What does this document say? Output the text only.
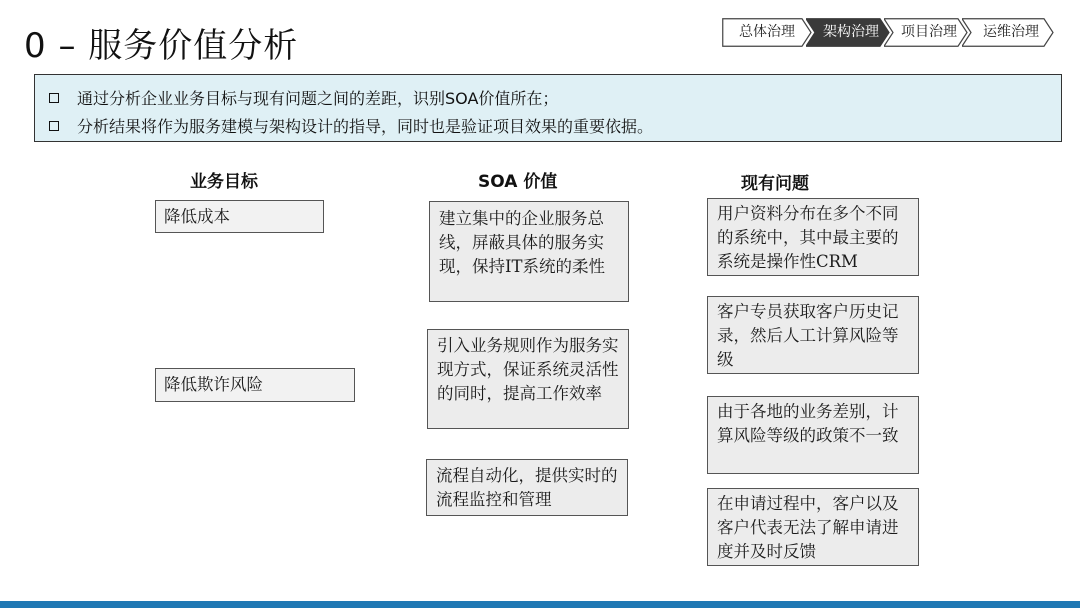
0 – 服务价值分析	总体治理	架构治理	项目治理	运维治理
通过分析企业业务目标与现有问题之间的差距，识别SOA价值所在；
分析结果将作为服务建模与架构设计的指导，同时也是验证项目效果的重要依据。
业务目标	SOA 价值	现有问题
降低成本
降低欺诈风险
建立集中的企业服务总线，屏蔽具体的服务实现，保持IT系统的柔性
引入业务规则作为服务实现方式，保证系统灵活性的同时，提高工作效率
流程自动化，提供实时的流程监控和管理
用户资料分布在多个不同的系统中，其中最主要的系统是操作性CRM
客户专员获取客户历史记录，然后人工计算风险等级
由于各地的业务差别，计算风险等级的政策不一致
在申请过程中，客户以及客户代表无法了解申请进度并及时反馈
